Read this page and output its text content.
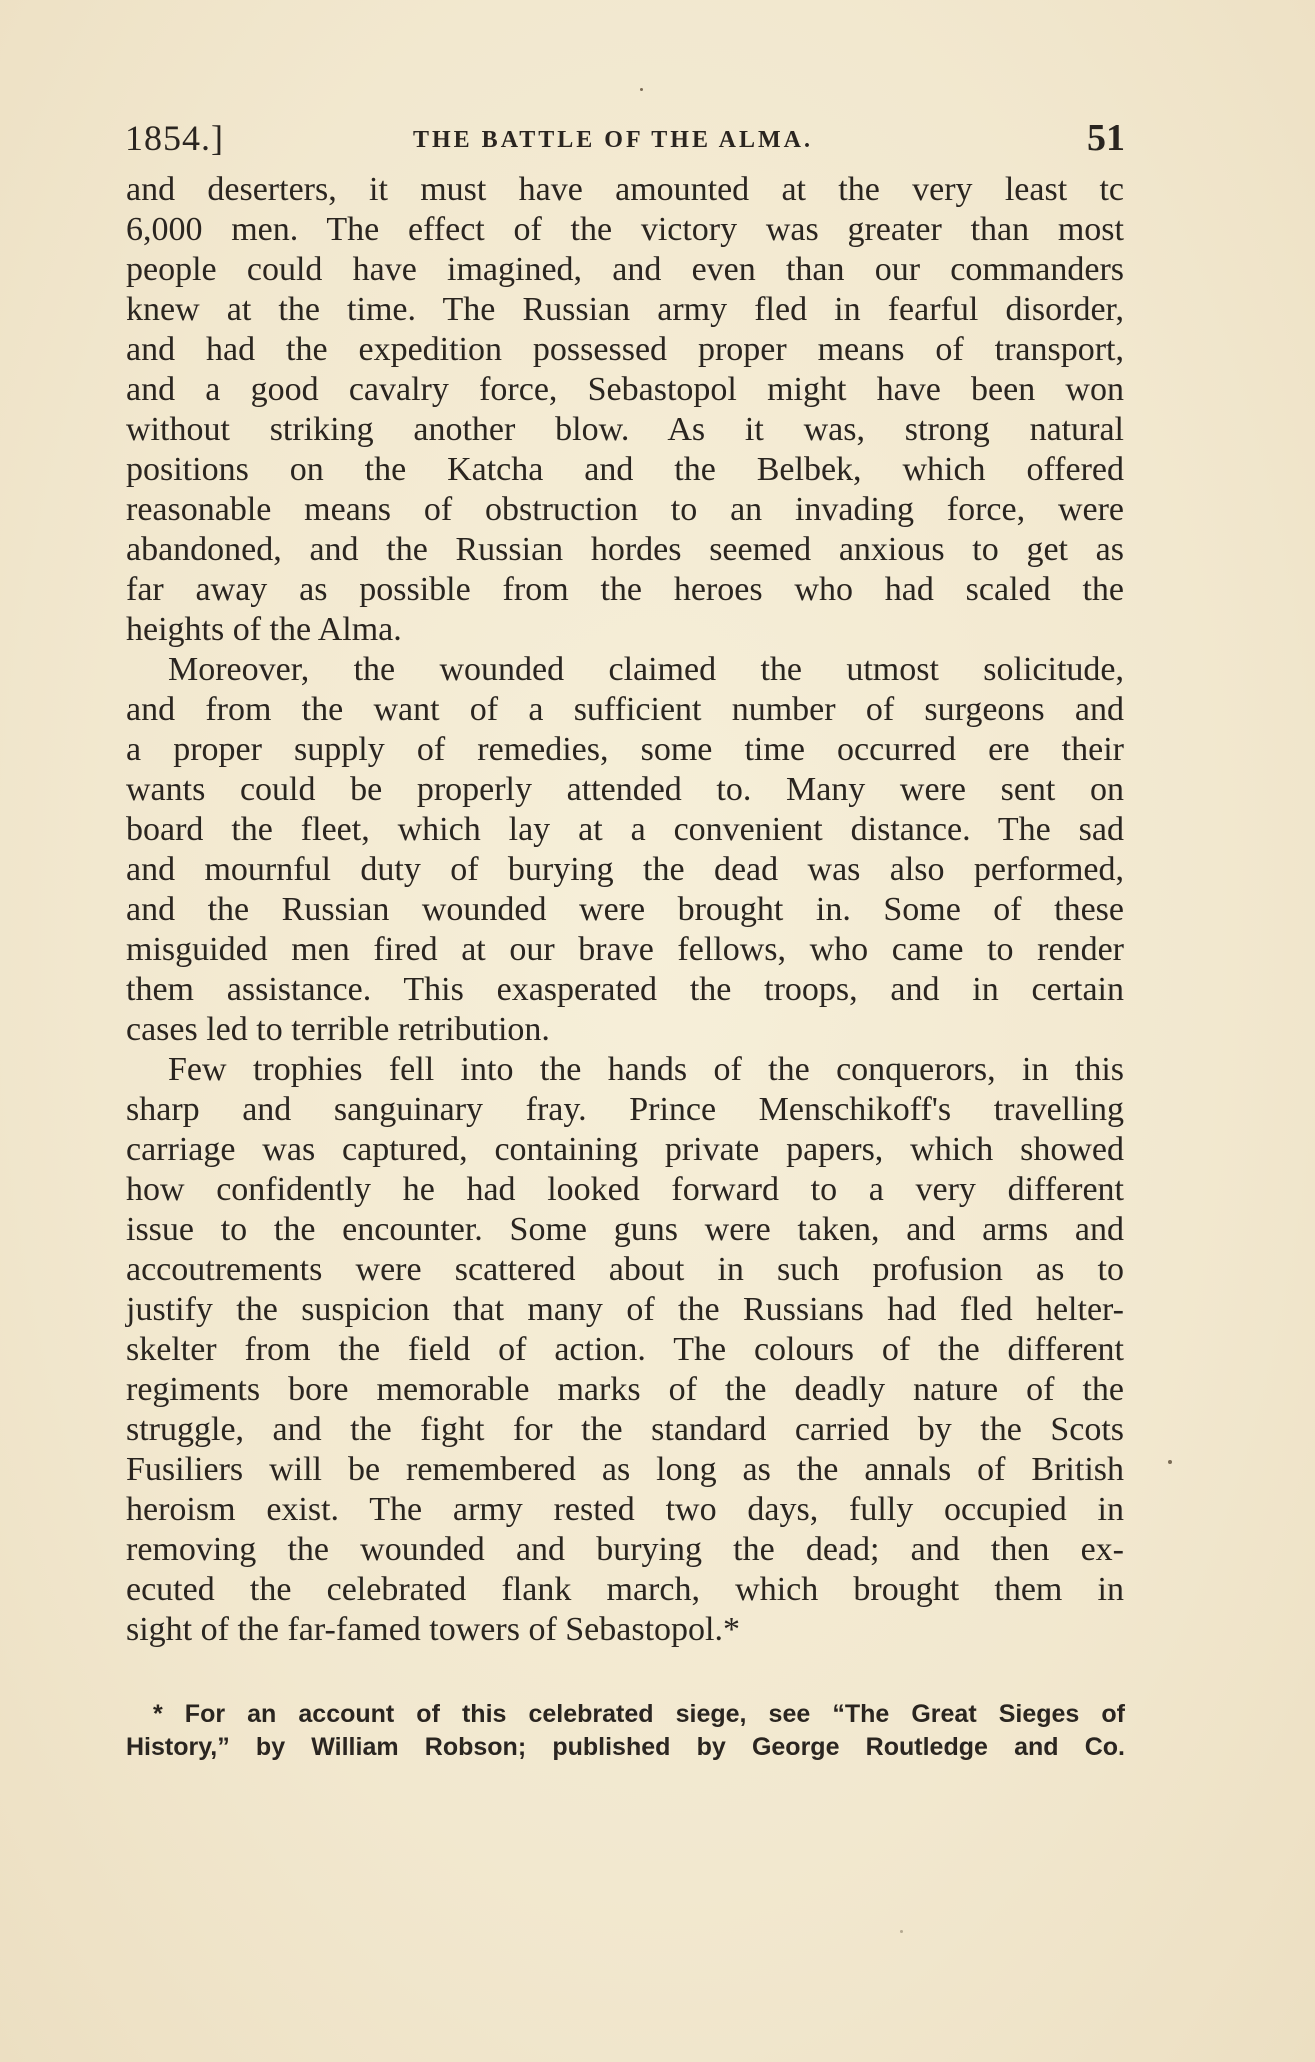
1854.]	THE BATTLE OF THE ALMA.	51
and deserters, it must have amounted at the very least tc
6,000 men. The effect of the victory was greater than most
people could have imagined, and even than our commanders
knew at the time. The Russian army fled in fearful disorder,
and had the expedition possessed proper means of transport,
and a good cavalry force, Sebastopol might have been won
without striking another blow. As it was, strong natural
positions on the Katcha and the Belbek, which offered
reasonable means of obstruction to an invading force, were
abandoned, and the Russian hordes seemed anxious to get as
far away as possible from the heroes who had scaled the
heights of the Alma.
Moreover, the wounded claimed the utmost solicitude,
and from the want of a sufficient number of surgeons and
a proper supply of remedies, some time occurred ere their
wants could be properly attended to. Many were sent on
board the fleet, which lay at a convenient distance. The sad
and mournful duty of burying the dead was also performed,
and the Russian wounded were brought in. Some of these
misguided men fired at our brave fellows, who came to render
them assistance. This exasperated the troops, and in certain
cases led to terrible retribution.
Few trophies fell into the hands of the conquerors, in this
sharp and sanguinary fray. Prince Menschikoff's travelling
carriage was captured, containing private papers, which showed
how confidently he had looked forward to a very different
issue to the encounter. Some guns were taken, and arms and
accoutrements were scattered about in such profusion as to
justify the suspicion that many of the Russians had fled helter-
skelter from the field of action. The colours of the different
regiments bore memorable marks of the deadly nature of the
struggle, and the fight for the standard carried by the Scots
Fusiliers will be remembered as long as the annals of British
heroism exist. The army rested two days, fully occupied in
removing the wounded and burying the dead; and then ex-
ecuted the celebrated flank march, which brought them in
sight of the far-famed towers of Sebastopol.*
* For an account of this celebrated siege, see “The Great Sieges of
History,” by William Robson; published by George Routledge and Co.
